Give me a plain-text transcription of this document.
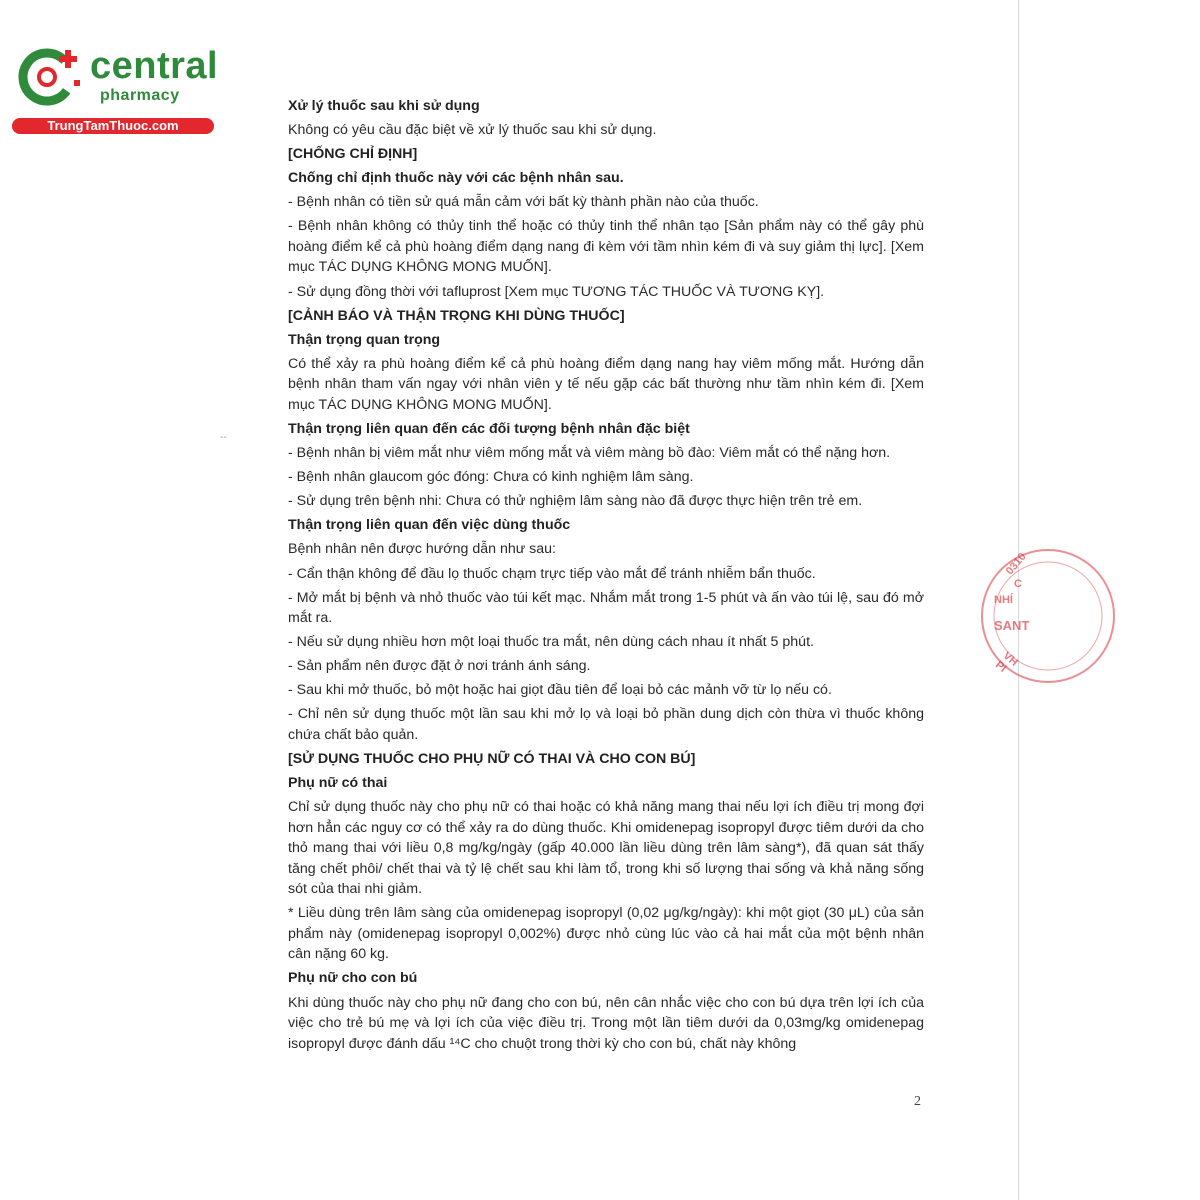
central
pharmacy
TrungTamThuoc.com
--

Xử lý thuốc sau khi sử dụng

Không có yêu cầu đặc biệt về xử lý thuốc sau khi sử dụng.

[CHỐNG CHỈ ĐỊNH]

Chống chỉ định thuốc này với các bệnh nhân sau.

- Bệnh nhân có tiền sử quá mẫn cảm với bất kỳ thành phần nào của thuốc.

- Bệnh nhân không có thủy tinh thể hoặc có thủy tinh thể nhân tạo [Sản phẩm này có thể gây phù hoàng điểm kể cả phù hoàng điểm dạng nang đi kèm với tầm nhìn kém đi và suy giảm thị lực]. [Xem mục TÁC DỤNG KHÔNG MONG MUỐN].

- Sử dụng đồng thời với tafluprost [Xem mục TƯƠNG TÁC THUỐC VÀ TƯƠNG KỴ].

[CẢNH BÁO VÀ THẬN TRỌNG KHI DÙNG THUỐC]

Thận trọng quan trọng

Có thể xảy ra phù hoàng điểm kể cả phù hoàng điểm dạng nang hay viêm mống mắt. Hướng dẫn bệnh nhân tham vấn ngay với nhân viên y tế nếu gặp các bất thường như tầm nhìn kém đi. [Xem mục TÁC DỤNG KHÔNG MONG MUỐN].

Thận trọng liên quan đến các đối tượng bệnh nhân đặc biệt

- Bệnh nhân bị viêm mắt như viêm mống mắt và viêm màng bồ đào: Viêm mắt có thể nặng hơn.

- Bệnh nhân glaucom góc đóng: Chưa có kinh nghiệm lâm sàng.

- Sử dụng trên bệnh nhi: Chưa có thử nghiệm lâm sàng nào đã được thực hiện trên trẻ em.

Thận trọng liên quan đến việc dùng thuốc

Bệnh nhân nên được hướng dẫn như sau:

- Cẩn thận không để đầu lọ thuốc chạm trực tiếp vào mắt để tránh nhiễm bẩn thuốc.

- Mở mắt bị bệnh và nhỏ thuốc vào túi kết mạc. Nhắm mắt trong 1-5 phút và ấn vào túi lệ, sau đó mở mắt ra.

- Nếu sử dụng nhiều hơn một loại thuốc tra mắt, nên dùng cách nhau ít nhất 5 phút.

- Sản phẩm nên được đặt ở nơi tránh ánh sáng.

- Sau khi mở thuốc, bỏ một hoặc hai giọt đầu tiên để loại bỏ các mảnh vỡ từ lọ nếu có.

- Chỉ nên sử dụng thuốc một lần sau khi mở lọ và loại bỏ phần dung dịch còn thừa vì thuốc không chứa chất bảo quản.

[SỬ DỤNG THUỐC CHO PHỤ NỮ CÓ THAI VÀ CHO CON BÚ]

Phụ nữ có thai

Chỉ sử dụng thuốc này cho phụ nữ có thai hoặc có khả năng mang thai nếu lợi ích điều trị mong đợi hơn hẳn các nguy cơ có thể xảy ra do dùng thuốc. Khi omidenepag isopropyl được tiêm dưới da cho thỏ mang thai với liều 0,8 mg/kg/ngày (gấp 40.000 lần liều dùng trên lâm sàng*), đã quan sát thấy tăng chết phôi/ chết thai và tỷ lệ chết sau khi làm tổ, trong khi số lượng thai sống và khả năng sống sót của thai nhi giảm.

* Liều dùng trên lâm sàng của omidenepag isopropyl (0,02 μg/kg/ngày): khi một giọt (30 μL) của sản phẩm này (omidenepag isopropyl 0,002%) được nhỏ cùng lúc vào cả hai mắt của một bệnh nhân cân nặng 60 kg.

Phụ nữ cho con bú

Khi dùng thuốc này cho phụ nữ đang cho con bú, nên cân nhắc việc cho con bú dựa trên lợi ích của việc cho trẻ bú mẹ và lợi ích của việc điều trị. Trong một lần tiêm dưới da 0,03mg/kg omidenepag isopropyl được đánh dấu ¹⁴C cho chuột trong thời kỳ cho con bú, chất này không

2
0310
C
NHÍ
SANT
VH PI
